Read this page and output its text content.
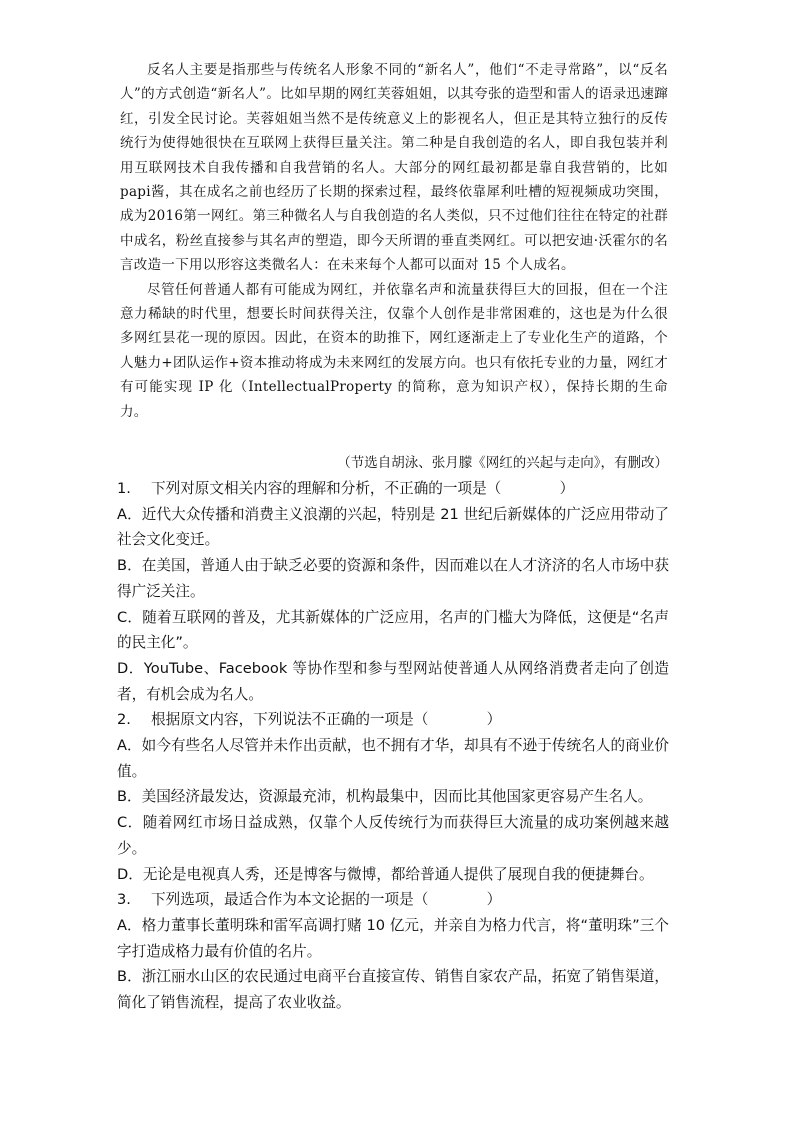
反名人主要是指那些与传统名人形象不同的“新名人”，他们“不走寻常路”，以“反名人”的方式创造“新名人”。比如早期的网红芙蓉姐姐，以其夸张的造型和雷人的语录迅速蹿红，引发全民讨论。芙蓉姐姐当然不是传统意义上的影视名人，但正是其特立独行的反传统行为使得她很快在互联网上获得巨量关注。第二种是自我创造的名人，即自我包装并利用互联网技术自我传播和自我营销的名人。大部分的网红最初都是靠自我营销的，比如papi酱，其在成名之前也经历了长期的探索过程，最终依靠犀利吐槽的短视频成功突围，成为2016第一网红。第三种微名人与自我创造的名人类似，只不过他们往往在特定的社群中成名，粉丝直接参与其名声的塑造，即今天所谓的垂直类网红。可以把安迪·沃霍尔的名言改造一下用以形容这类微名人：在未来每个人都可以面对 15 个人成名。

尽管任何普通人都有可能成为网红，并依靠名声和流量获得巨大的回报，但在一个注意力稀缺的时代里，想要长时间获得关注，仅靠个人创作是非常困难的，这也是为什么很多网红昙花一现的原因。因此，在资本的助推下，网红逐渐走上了专业化生产的道路，个人魅力+团队运作+资本推动将成为未来网红的发展方向。也只有依托专业的力量，网红才有可能实现 IP 化（IntellectualProperty 的简称，意为知识产权），保持长期的生命力。

（节选自胡泳、张月朦《网红的兴起与走向》，有删改）

1. 下列对原文相关内容的理解和分析，不正确的一项是（　　　　）

A．近代大众传播和消费主义浪潮的兴起，特别是 21 世纪后新媒体的广泛应用带动了社会文化变迁。

B．在美国，普通人由于缺乏必要的资源和条件，因而难以在人才济济的名人市场中获得广泛关注。

C．随着互联网的普及，尤其新媒体的广泛应用，名声的门槛大为降低，这便是“名声的民主化”。

D．YouTube、Facebook 等协作型和参与型网站使普通人从网络消费者走向了创造者，有机会成为名人。

2. 根据原文内容，下列说法不正确的一项是（　　　　）

A．如今有些名人尽管并未作出贡献，也不拥有才华，却具有不逊于传统名人的商业价值。

B．美国经济最发达，资源最充沛，机构最集中，因而比其他国家更容易产生名人。

C．随着网红市场日益成熟，仅靠个人反传统行为而获得巨大流量的成功案例越来越少。

D．无论是电视真人秀，还是博客与微博，都给普通人提供了展现自我的便捷舞台。

3. 下列选项，最适合作为本文论据的一项是（　　　　）

A．格力董事长董明珠和雷军高调打赌 10 亿元，并亲自为格力代言，将“董明珠”三个字打造成格力最有价值的名片。

B．浙江丽水山区的农民通过电商平台直接宣传、销售自家农产品，拓宽了销售渠道，简化了销售流程，提高了农业收益。
